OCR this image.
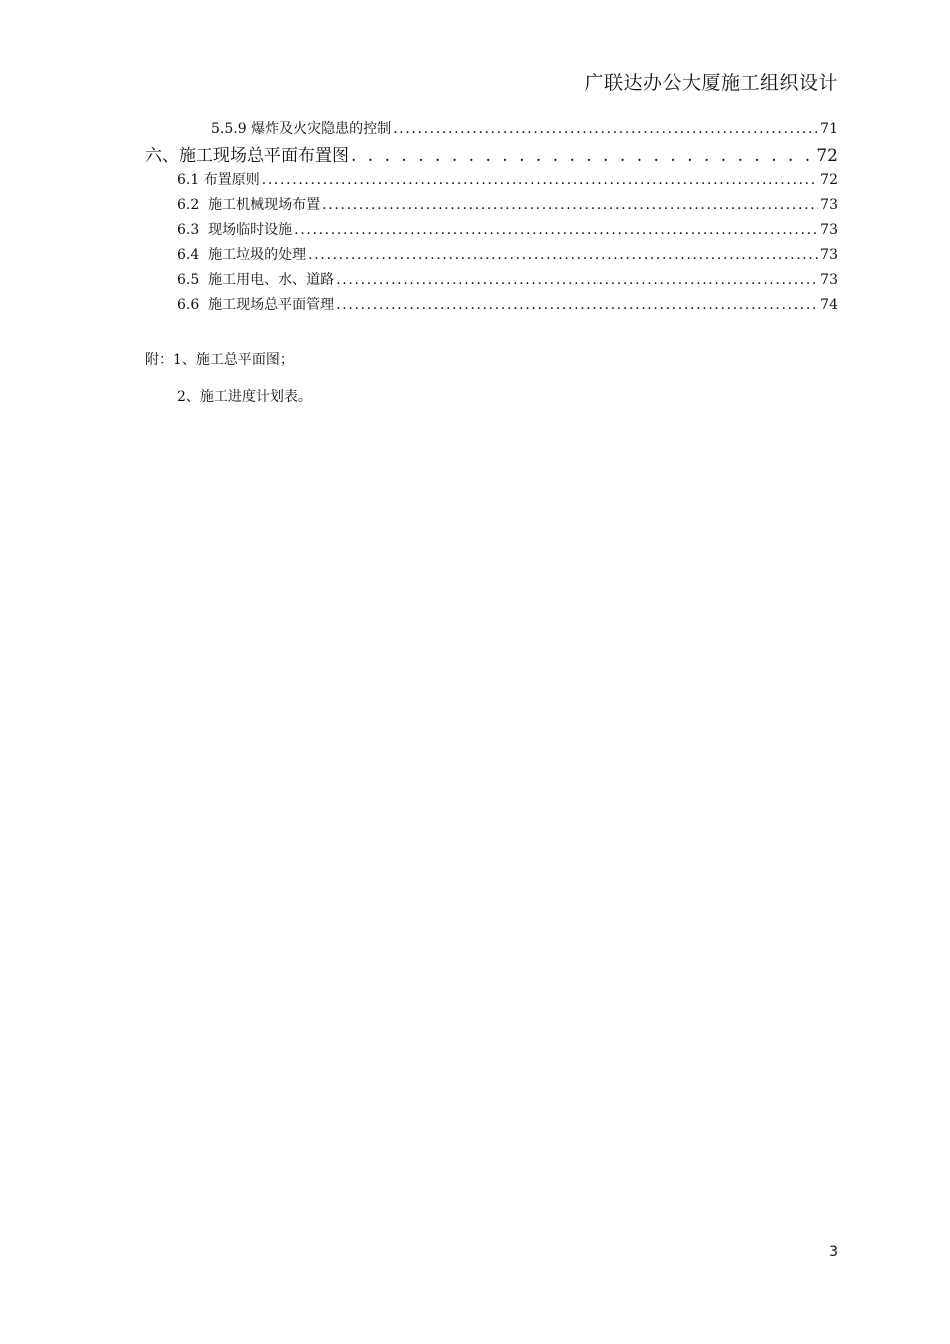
广联达办公大厦施工组织设计
5.5.9 爆炸及火灾隐患的控制 . . .	71
六、施工现场总平面布置图 . . .	72
6.1 布置原则 . . .	72
6.2 施工机械现场布置 . . .	73
6.3 现场临时设施 . . .	73
6.4 施工垃圾的处理 . . .	73
6.5 施工用电、水、道路 . . .	73
6.6 施工现场总平面管理 . . .	74
附：1、施工总平面图；
2、施工进度计划表。
3
